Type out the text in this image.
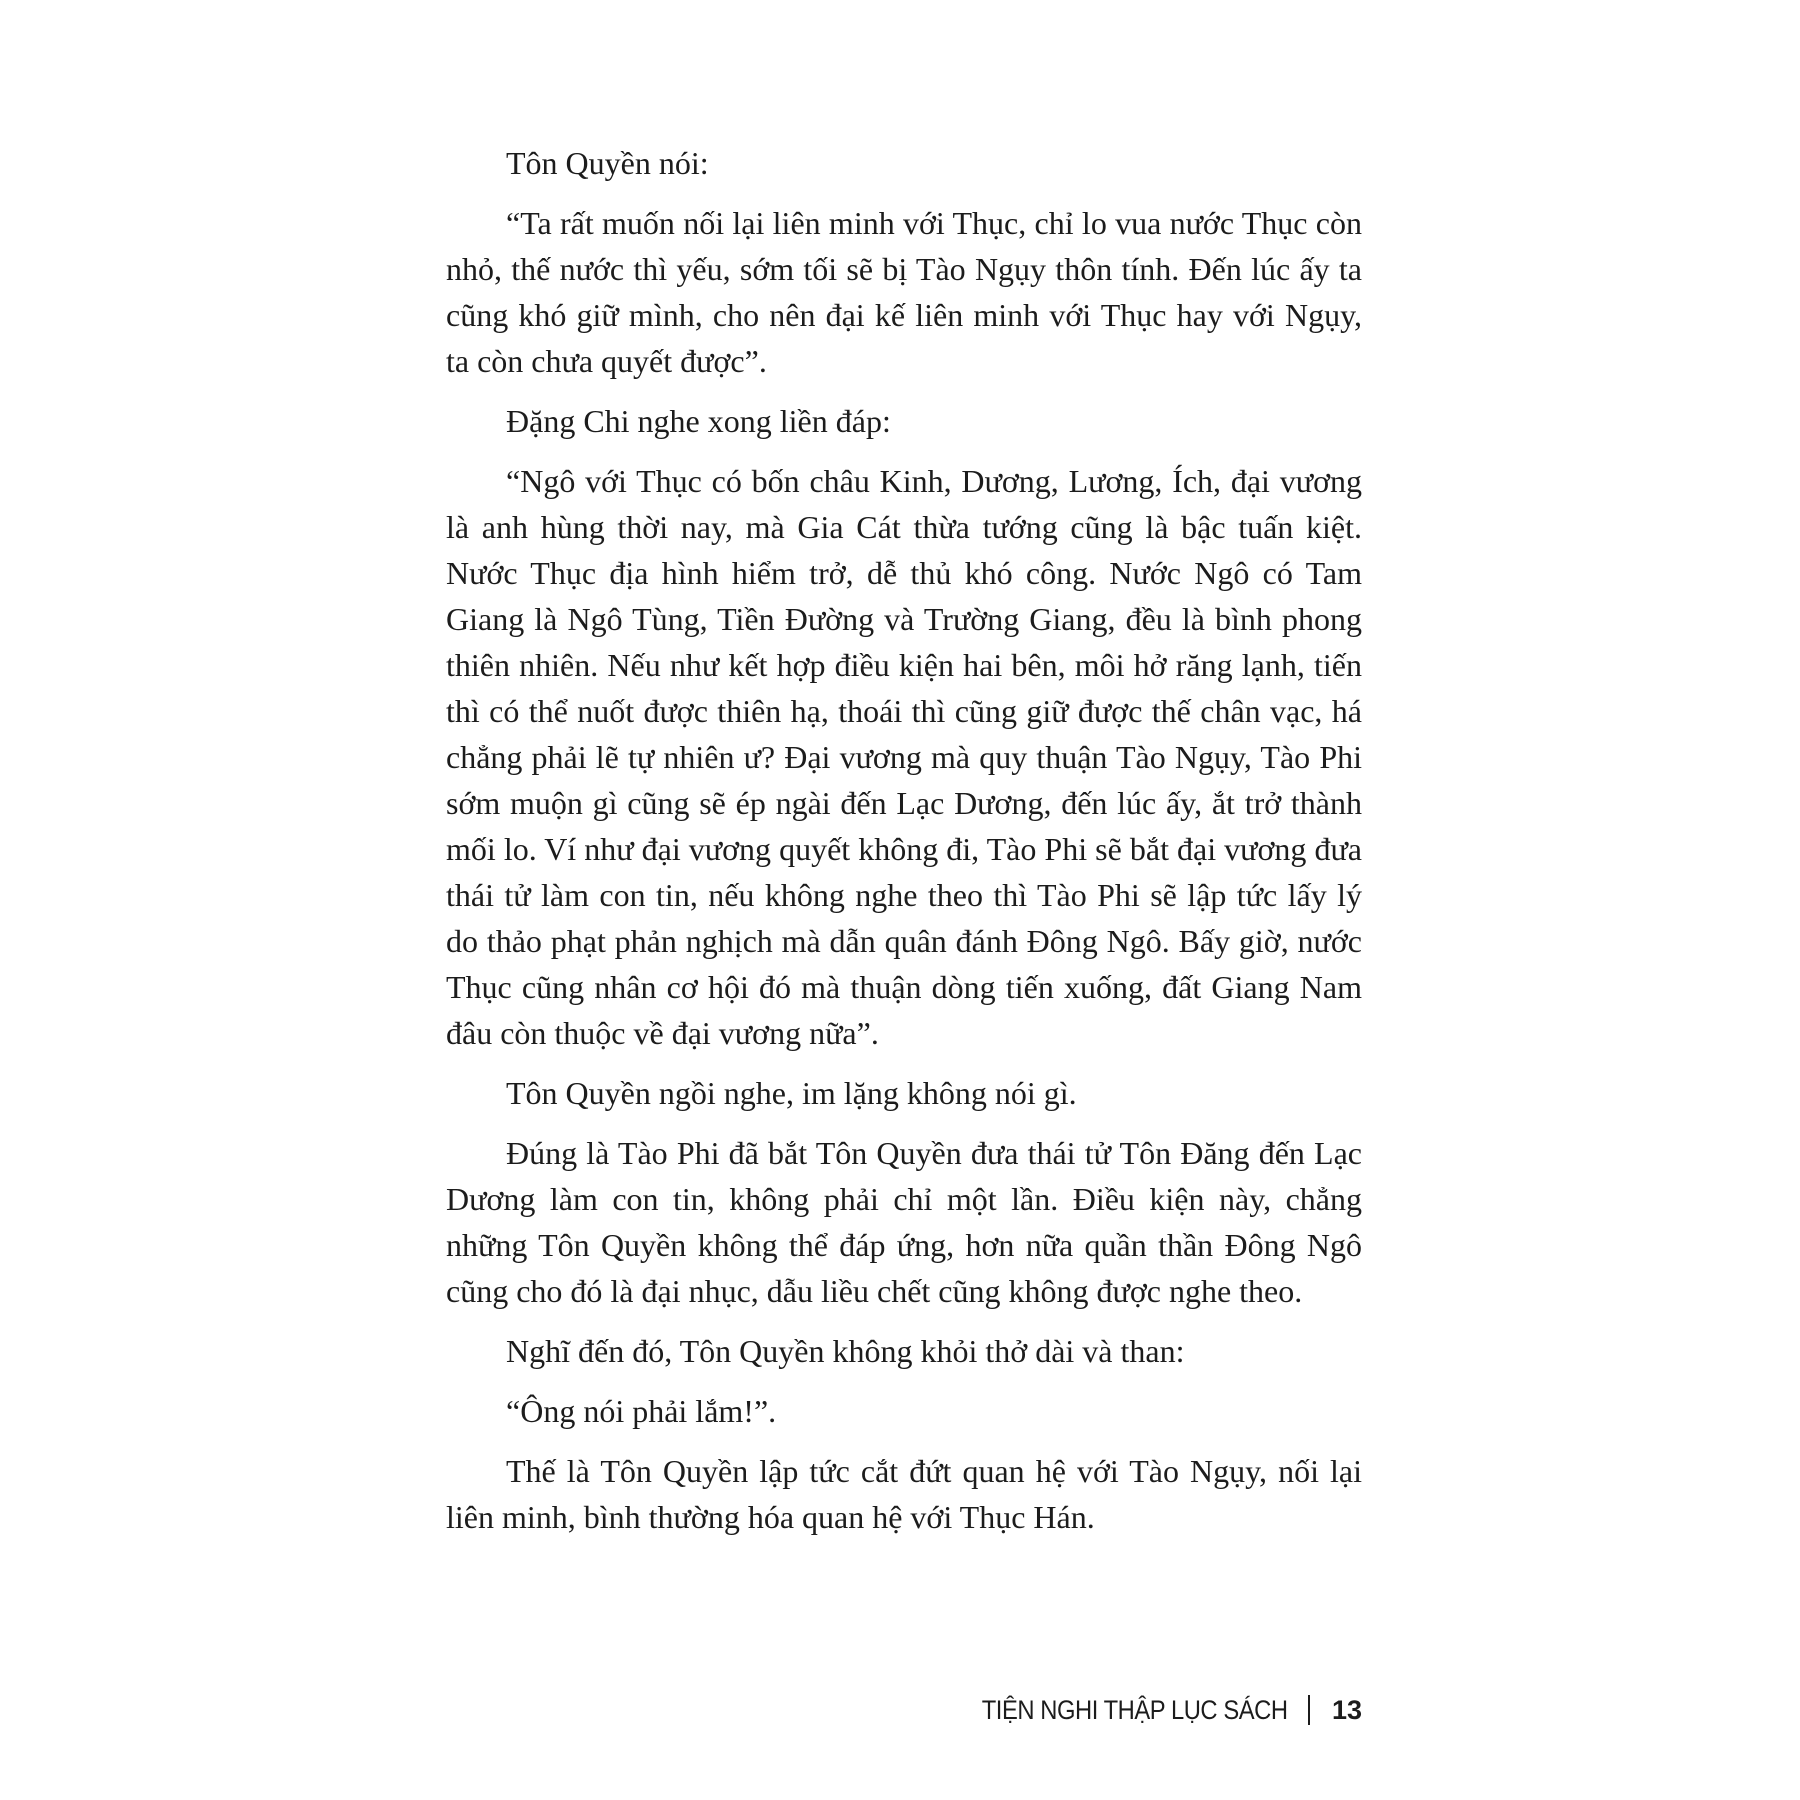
Tôn Quyền nói:

“Ta rất muốn nối lại liên minh với Thục, chỉ lo vua nước Thục còn nhỏ, thế nước thì yếu, sớm tối sẽ bị Tào Ngụy thôn tính. Đến lúc ấy ta cũng khó giữ mình, cho nên đại kế liên minh với Thục hay với Ngụy, ta còn chưa quyết được”.

Đặng Chi nghe xong liền đáp:

“Ngô với Thục có bốn châu Kinh, Dương, Lương, Ích, đại vương là anh hùng thời nay, mà Gia Cát thừa tướng cũng là bậc tuấn kiệt. Nước Thục địa hình hiểm trở, dễ thủ khó công. Nước Ngô có Tam Giang là Ngô Tùng, Tiền Đường và Trường Giang, đều là bình phong thiên nhiên. Nếu như kết hợp điều kiện hai bên, môi hở răng lạnh, tiến thì có thể nuốt được thiên hạ, thoái thì cũng giữ được thế chân vạc, há chẳng phải lẽ tự nhiên ư? Đại vương mà quy thuận Tào Ngụy, Tào Phi sớm muộn gì cũng sẽ ép ngài đến Lạc Dương, đến lúc ấy, ắt trở thành mối lo. Ví như đại vương quyết không đi, Tào Phi sẽ bắt đại vương đưa thái tử làm con tin, nếu không nghe theo thì Tào Phi sẽ lập tức lấy lý do thảo phạt phản nghịch mà dẫn quân đánh Đông Ngô. Bấy giờ, nước Thục cũng nhân cơ hội đó mà thuận dòng tiến xuống, đất Giang Nam đâu còn thuộc về đại vương nữa”.

Tôn Quyền ngồi nghe, im lặng không nói gì.

Đúng là Tào Phi đã bắt Tôn Quyền đưa thái tử Tôn Đăng đến Lạc Dương làm con tin, không phải chỉ một lần. Điều kiện này, chẳng những Tôn Quyền không thể đáp ứng, hơn nữa quần thần Đông Ngô cũng cho đó là đại nhục, dẫu liều chết cũng không được nghe theo.

Nghĩ đến đó, Tôn Quyền không khỏi thở dài và than:

“Ông nói phải lắm!”.

Thế là Tôn Quyền lập tức cắt đứt quan hệ với Tào Ngụy, nối lại liên minh, bình thường hóa quan hệ với Thục Hán.

TIỆN NGHI THẬP LỤC SÁCH 13
